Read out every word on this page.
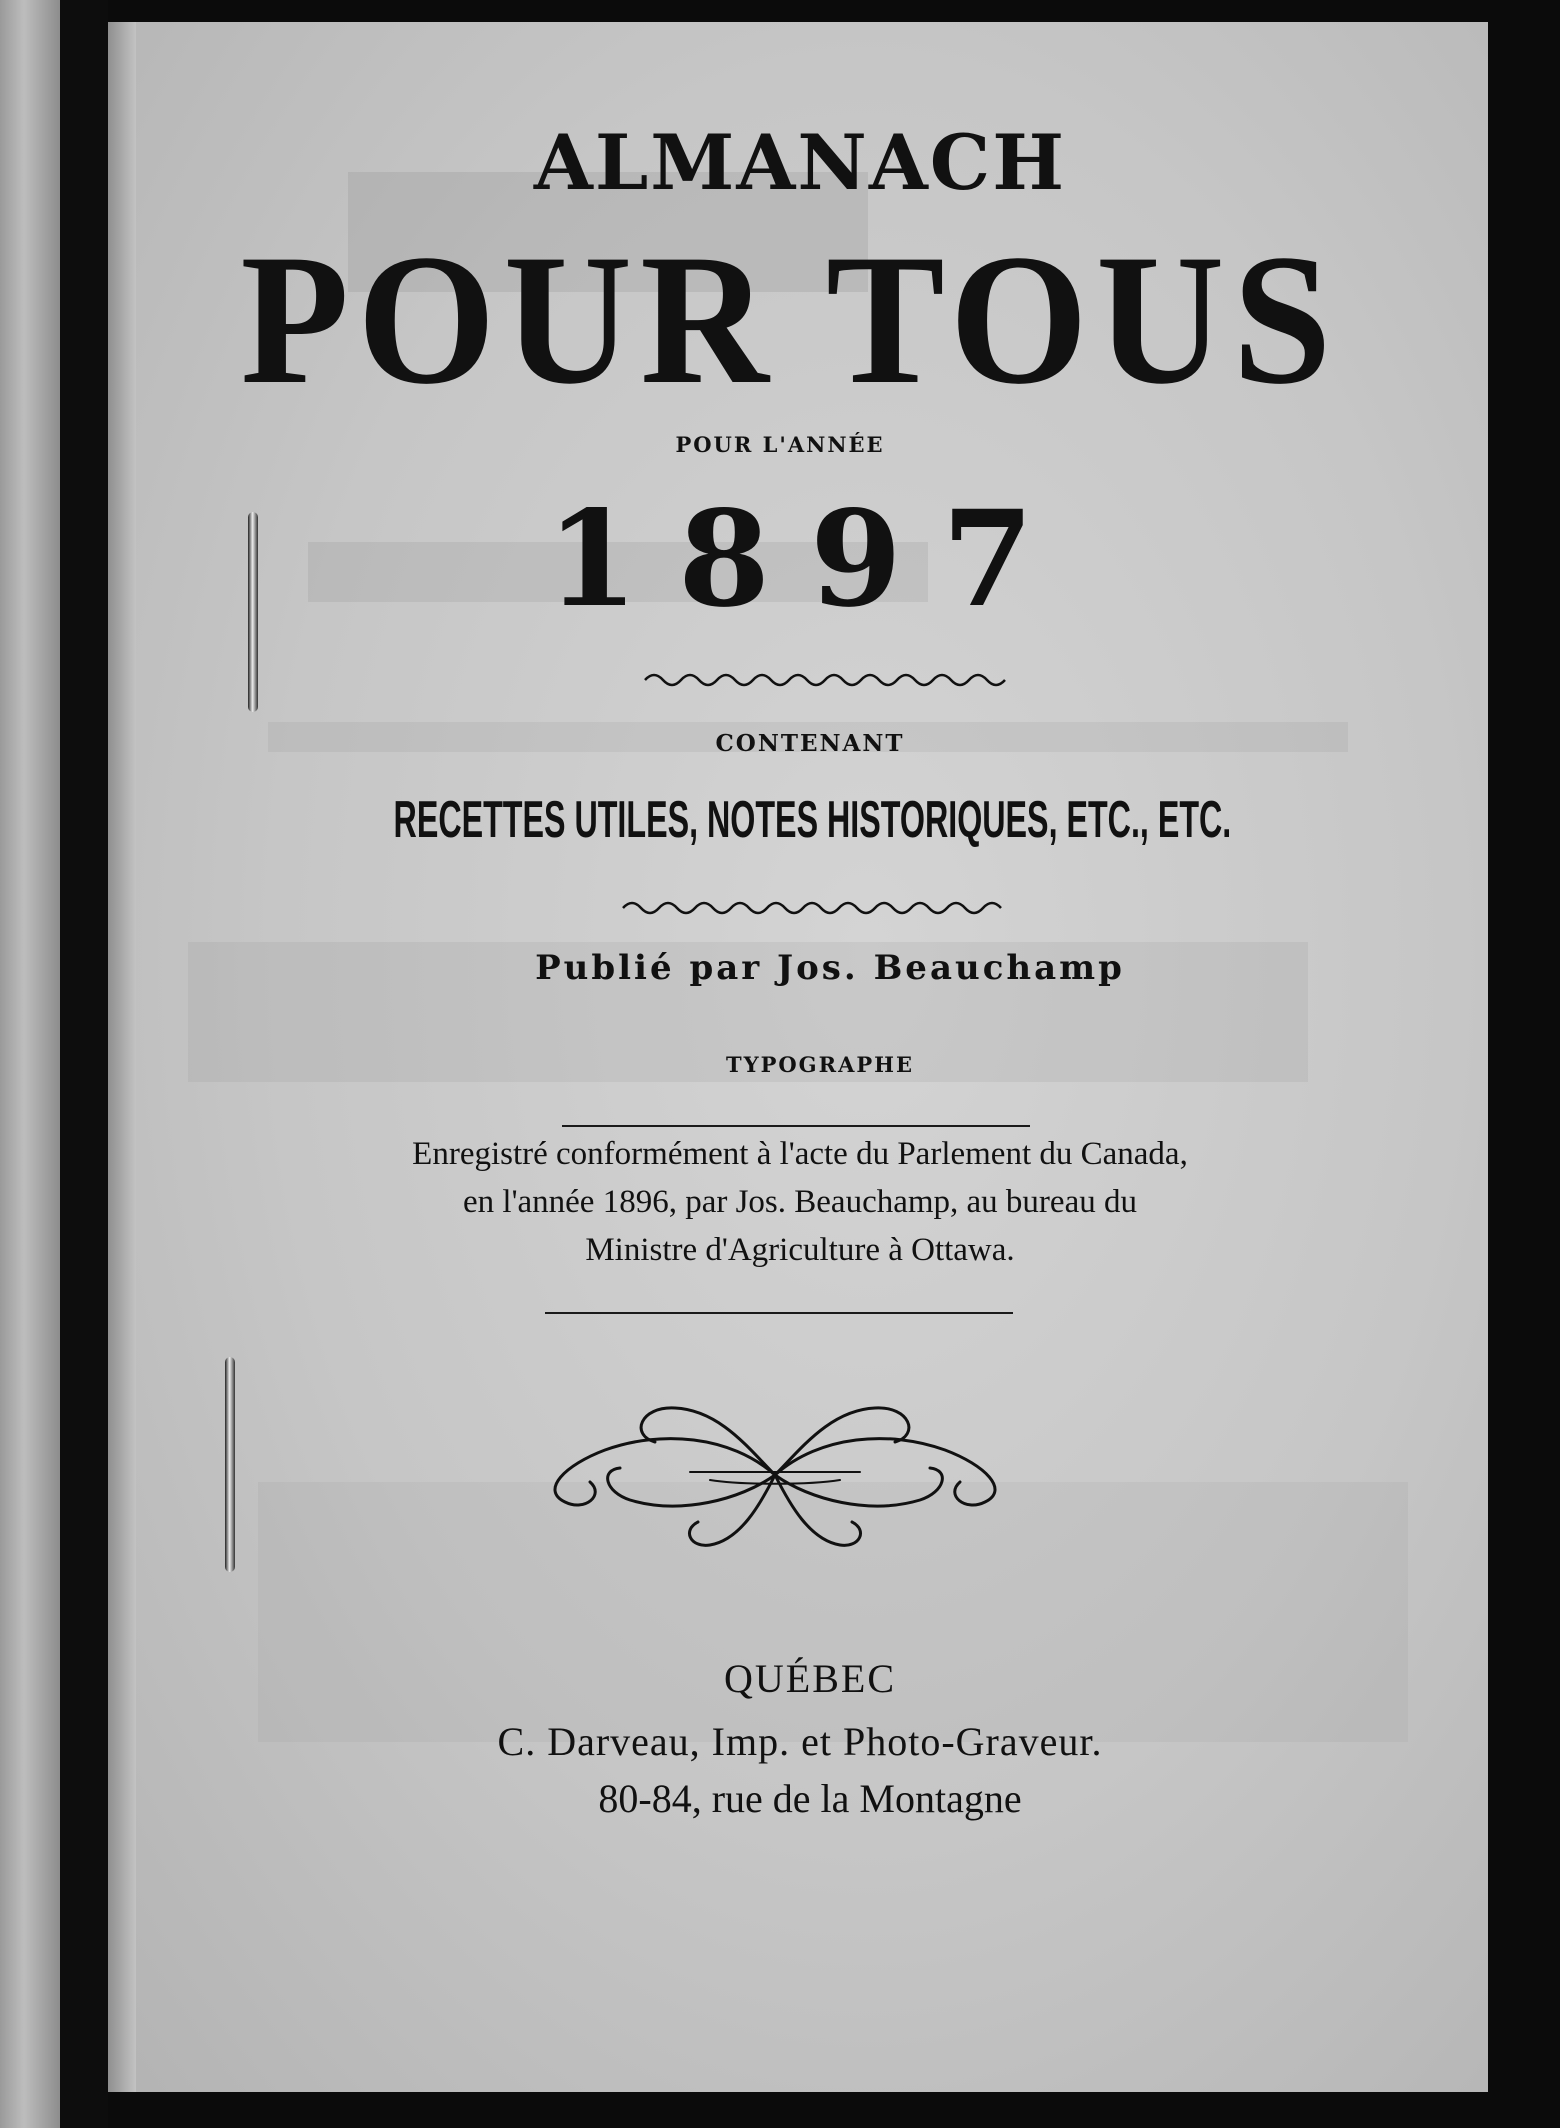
ALMANACH
POUR TOUS
POUR L'ANNÉE
1897
CONTENANT
RECETTES UTILES, NOTES HISTORIQUES, ETC., ETC.
Publié par Jos. Beauchamp
TYPOGRAPHE
Enregistré conformément à l'acte du Parlement du Canada,
en l'année 1896, par Jos. Beauchamp, au bureau du
Ministre d'Agriculture à Ottawa.
QUÉBEC
C. Darveau, Imp. et Photo-Graveur.
80-84, rue de la Montagne
